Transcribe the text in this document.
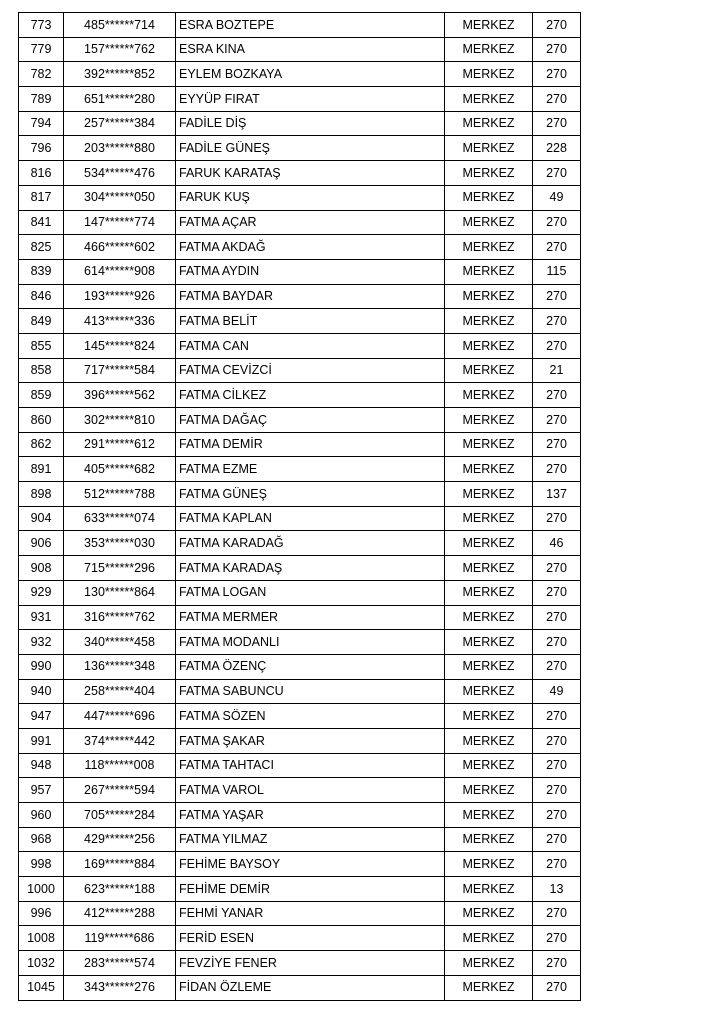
773	485******714	ESRA BOZTEPE	MERKEZ	270
779	157******762	ESRA KINA	MERKEZ	270
782	392******852	EYLEM BOZKAYA	MERKEZ	270
789	651******280	EYYÜP FIRAT	MERKEZ	270
794	257******384	FADİLE DİŞ	MERKEZ	270
796	203******880	FADİLE GÜNEŞ	MERKEZ	228
816	534******476	FARUK KARATAŞ	MERKEZ	270
817	304******050	FARUK KUŞ	MERKEZ	49
841	147******774	FATMA AÇAR	MERKEZ	270
825	466******602	FATMA AKDAĞ	MERKEZ	270
839	614******908	FATMA AYDIN	MERKEZ	115
846	193******926	FATMA BAYDAR	MERKEZ	270
849	413******336	FATMA BELİT	MERKEZ	270
855	145******824	FATMA CAN	MERKEZ	270
858	717******584	FATMA CEVİZCİ	MERKEZ	21
859	396******562	FATMA CİLKEZ	MERKEZ	270
860	302******810	FATMA DAĞAÇ	MERKEZ	270
862	291******612	FATMA DEMİR	MERKEZ	270
891	405******682	FATMA EZME	MERKEZ	270
898	512******788	FATMA GÜNEŞ	MERKEZ	137
904	633******074	FATMA KAPLAN	MERKEZ	270
906	353******030	FATMA KARADAĞ	MERKEZ	46
908	715******296	FATMA KARADAŞ	MERKEZ	270
929	130******864	FATMA LOGAN	MERKEZ	270
931	316******762	FATMA MERMER	MERKEZ	270
932	340******458	FATMA MODANLI	MERKEZ	270
990	136******348	FATMA ÖZENÇ	MERKEZ	270
940	258******404	FATMA SABUNCU	MERKEZ	49
947	447******696	FATMA SÖZEN	MERKEZ	270
991	374******442	FATMA ŞAKAR	MERKEZ	270
948	118******008	FATMA TAHTACI	MERKEZ	270
957	267******594	FATMA VAROL	MERKEZ	270
960	705******284	FATMA YAŞAR	MERKEZ	270
968	429******256	FATMA YILMAZ	MERKEZ	270
998	169******884	FEHİME BAYSOY	MERKEZ	270
1000	623******188	FEHİME DEMİR	MERKEZ	13
996	412******288	FEHMİ YANAR	MERKEZ	270
1008	119******686	FERİD ESEN	MERKEZ	270
1032	283******574	FEVZİYE FENER	MERKEZ	270
1045	343******276	FİDAN ÖZLEME	MERKEZ	270
